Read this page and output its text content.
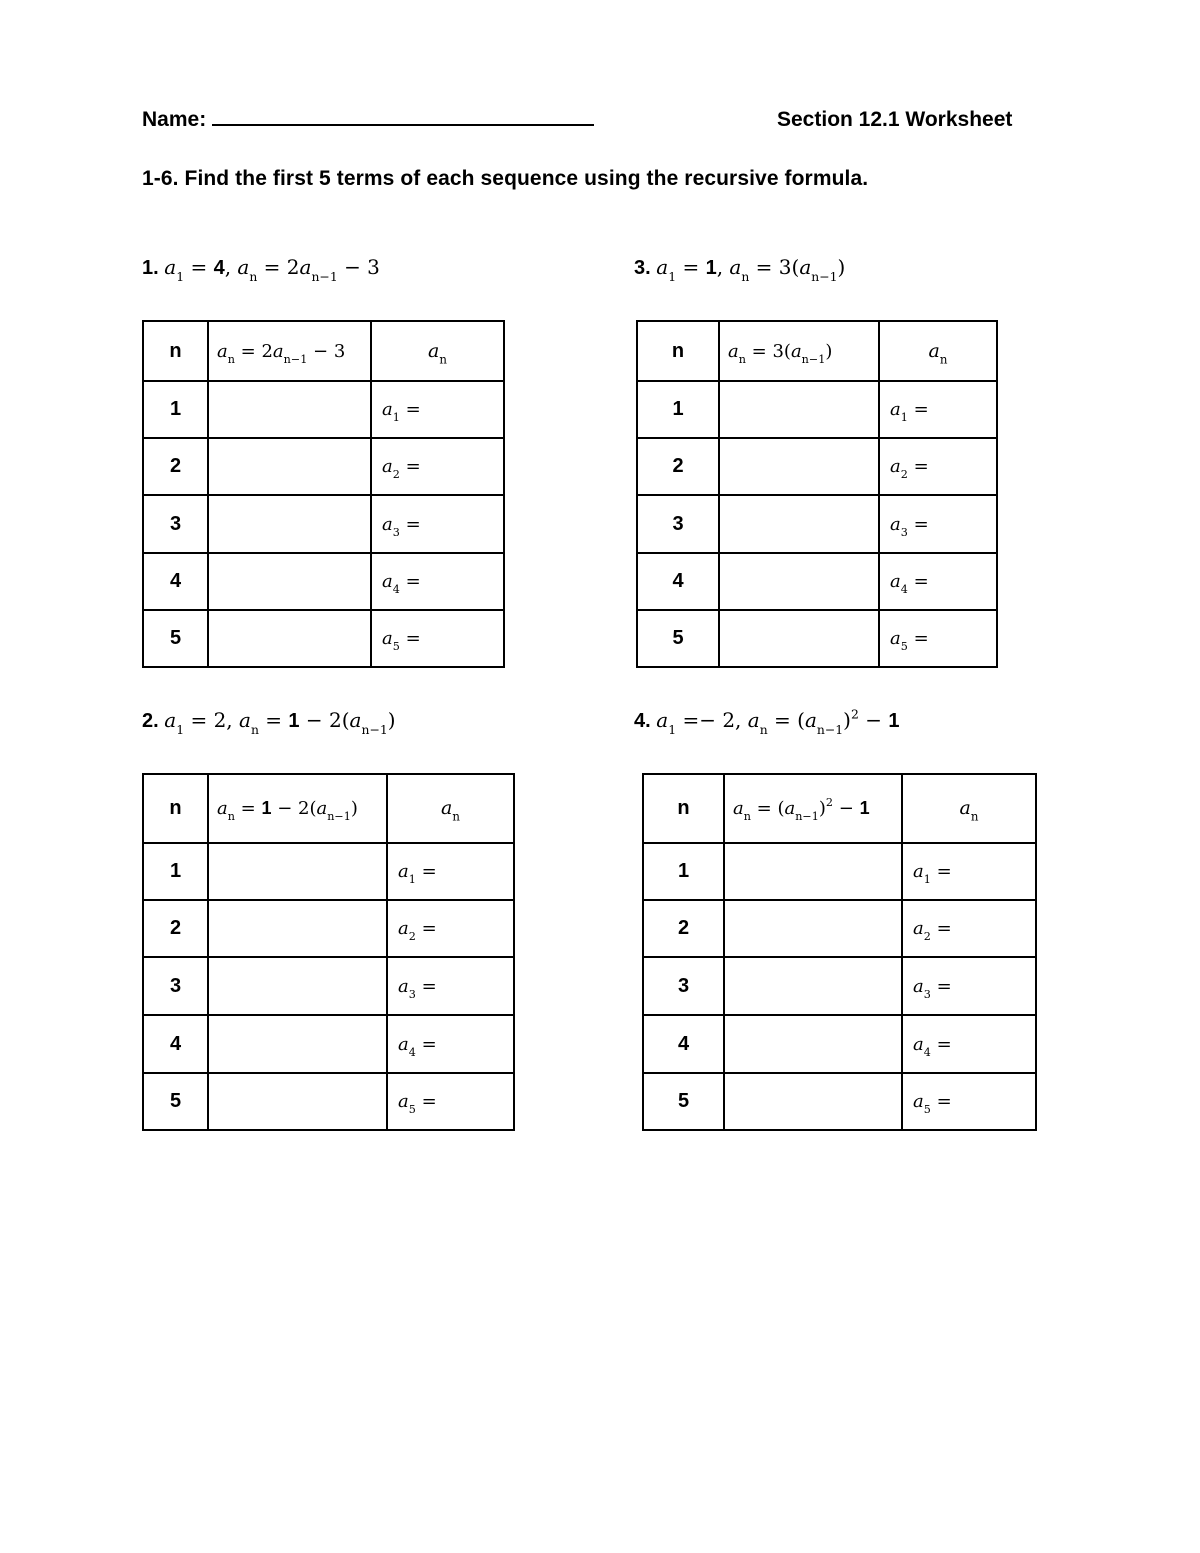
Name:	Section 12.1 Worksheet
1-6. Find the first 5 terms of each sequence using the recursive formula.
1. $a_1 = 4$, $a_n = 2a_{n-1} - 3$	3. $a_1 = 1$, $a_n = 3(a_{n-1})$
2. $a_1 = 2$, $a_n = 1 - 2(a_{n-1})$	4. $a_1 =- 2$, $a_n = (a_{n-1})^2 - 1$
n	$a_n = 2a_{n-1} - 3$	$a_n$
1		$a_1$ =
2		$a_2$ =
3		$a_3$ =
4		$a_4$ =
5		$a_5$ =
n	$a_n = 3(a_{n-1})$	$a_n$
1		$a_1$ =
2		$a_2$ =
3		$a_3$ =
4		$a_4$ =
5		$a_5$ =
n	$a_n = 1 - 2(a_{n-1})$	$a_n$
1		$a_1$ =
2		$a_2$ =
3		$a_3$ =
4		$a_4$ =
5		$a_5$ =
n	$a_n = (a_{n-1})^2 - 1$	$a_n$
1		$a_1$ =
2		$a_2$ =
3		$a_3$ =
4		$a_4$ =
5		$a_5$ =
